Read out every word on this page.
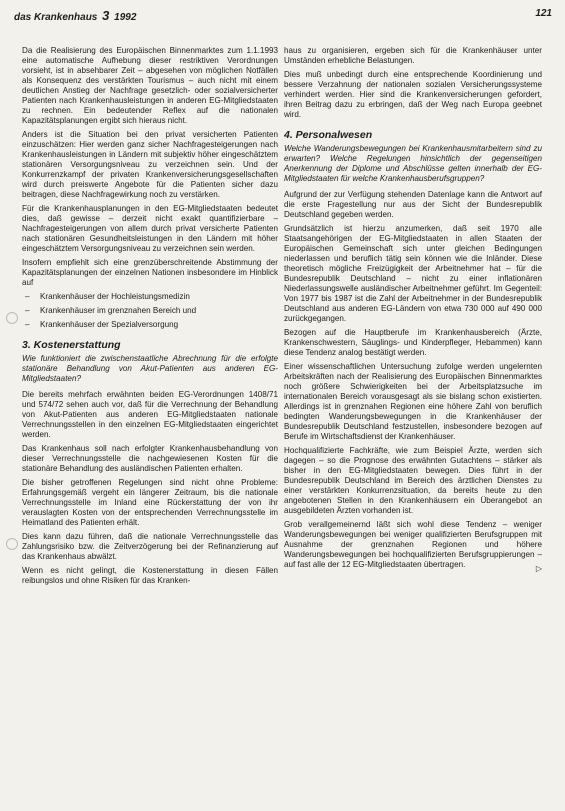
das Krankenhaus 3 1992	121

Da die Realisierung des Europäischen Binnenmarktes zum 1.1.1993 eine automatische Aufhebung dieser restriktiven Verordnungen vorsieht, ist in absehbarer Zeit – abgesehen von möglichen Notfällen als Konsequenz des verstärkten Tourismus – auch nicht mit einem deutlichen Anstieg der Nachfrage gesetzlich- oder sozialversicherter Patienten nach Krankenhausleistungen in anderen EG-Mitgliedstaaten zu rechnen. Ein bedeutender Reflex auf die nationalen Kapazitätsplanungen ergibt sich hieraus nicht.

Anders ist die Situation bei den privat versicherten Patienten einzuschätzen: Hier werden ganz sicher Nachfragesteigerungen nach Krankenhausleistungen in Ländern mit subjektiv höher eingeschätztem stationären Versorgungsniveau zu verzeichnen sein. Und der Konkurrenzkampf der privaten Krankenversicherungsgesellschaften wird durch preiswerte Angebote für die Patienten sicher dazu beitragen, diese Nachfragewirkung noch zu verstärken.

Für die Krankenhausplanungen in den EG-Mitgliedstaaten bedeutet dies, daß gewisse – derzeit nicht exakt quantifizierbare – Nachfragesteigerungen von allem durch privat versicherte Patienten nach stationären Gesundheitsleistungen in den Ländern mit höher eingeschätztem Versorgungsniveau zu verzeichnen sein werden.

Insofern empfiehlt sich eine grenzüberschreitende Abstimmung der Kapazitätsplanungen der einzelnen Nationen insbesondere im Hinblick auf

– Krankenhäuser der Hochleistungsmedizin
– Krankenhäuser im grenznahen Bereich und
– Krankenhäuser der Spezialversorgung
3. Kostenerstattung

Wie funktioniert die zwischenstaatliche Abrechnung für die erfolgte stationäre Behandlung von Akut-Patienten aus anderen EG-Mitgliedstaaten?

Die bereits mehrfach erwähnten beiden EG-Verordnungen 1408/71 und 574/72 sehen auch vor, daß für die Verrechnung der Behandlung von Akut-Patienten aus anderen EG-Mitgliedstaaten nationale Verrechnungsstellen in den einzelnen EG-Mitgliedstaaten eingerichtet werden.

Das Krankenhaus soll nach erfolgter Krankenhausbehandlung von dieser Verrechnungsstelle die nachgewiesenen Kosten für die stationäre Behandlung des ausländischen Patienten erhalten.

Die bisher getroffenen Regelungen sind nicht ohne Probleme: Erfahrungsgemäß vergeht ein längerer Zeitraum, bis die nationale Verrechnungsstelle im Inland eine Rückerstattung der von ihr verauslagten Kosten von der entsprechenden Verrechnungsstelle im Heimatland des Patienten erhält.

Dies kann dazu führen, daß die nationale Verrechnungsstelle das Zahlungsrisiko bzw. die Zeitverzögerung bei der Refinanzierung auf das Krankenhaus abwälzt.

Wenn es nicht gelingt, die Kostenerstattung in diesen Fällen reibungslos und ohne Risiken für das Kranken-

haus zu organisieren, ergeben sich für die Krankenhäuser unter Umständen erhebliche Belastungen.

Dies muß unbedingt durch eine entsprechende Koordinierung und bessere Verzahnung der nationalen sozialen Versicherungssysteme verhindert werden. Hier sind die Krankenversicherungen gefordert, ihren Beitrag dazu zu erbringen, daß der Weg nach Europa geebnet wird.

4. Personalwesen

Welche Wanderungsbewegungen bei Krankenhausmitarbeitern sind zu erwarten? Welche Regelungen hinsichtlich der gegenseitigen Anerkennung der Diplome und Abschlüsse gelten innerhalb der EG-Mitgliedstaaten für welche Krankenhausberufsgruppen?

Aufgrund der zur Verfügung stehenden Datenlage kann die Antwort auf die erste Fragestellung nur aus der Sicht der Bundesrepublik Deutschland gegeben werden.

Grundsätzlich ist hierzu anzumerken, daß seit 1970 alle Staatsangehörigen der EG-Mitgliedstaaten in allen Staaten der Europäischen Gemeinschaft sich unter gleichen Bedingungen niederlassen und beruflich tätig sein können wie die Inländer. Diese theoretisch mögliche Freizügigkeit der Arbeitnehmer hat – für die Bundesrepublik Deutschland – nicht zu einer inflationären Niederlassungswelle ausländischer Arbeitnehmer geführt. Im Gegenteil: Von 1977 bis 1987 ist die Zahl der Arbeitnehmer in der Bundesrepublik Deutschland aus anderen EG-Ländern von etwa 730 000 auf 490 000 zurückgegangen.

Bezogen auf die Hauptberufe im Krankenhausbereich (Ärzte, Krankenschwestern, Säuglings- und Kinderpfleger, Hebammen) kann diese Tendenz analog bestätigt werden.

Einer wissenschaftlichen Untersuchung zufolge werden ungelernten Arbeitskräften nach der Realisierung des Europäischen Binnenmarktes noch größere Schwierigkeiten bei der Arbeitsplatzsuche im internationalen Bereich vorausgesagt als sie bislang schon existierten. Allerdings ist in grenznahen Regionen eine höhere Zahl von beruflich bedingten Wanderungsbewegungen in die Krankenhäuser der Bundesrepublik Deutschland festzustellen, insbesondere bezogen auf Berufe im Wirtschaftsdienst der Krankenhäuser.

Hochqualifizierte Fachkräfte, wie zum Beispiel Ärzte, werden sich dagegen – so die Prognose des erwähnten Gutachtens – stärker als bisher in den EG-Mitgliedstaaten bewegen. Dies führt in der Bundesrepublik Deutschland im Bereich des ärztlichen Dienstes zu einer verstärkten Konkurrenzsituation, da bereits heute zu den angebotenen Stellen in den Krankenhäusern ein Überangebot an ausgebildeten Ärzten vorhanden ist.

Grob verallgemeinernd läßt sich wohl diese Tendenz – weniger Wanderungsbewegungen bei weniger qualifizierten Berufsgruppen mit Ausnahme der grenznahen Regionen und höhere Wanderungsbewegungen bei hochqualifizierten Berufsgruppierungen – auf fast alle der 12 EG-Mitgliedstaaten übertragen.	▷
